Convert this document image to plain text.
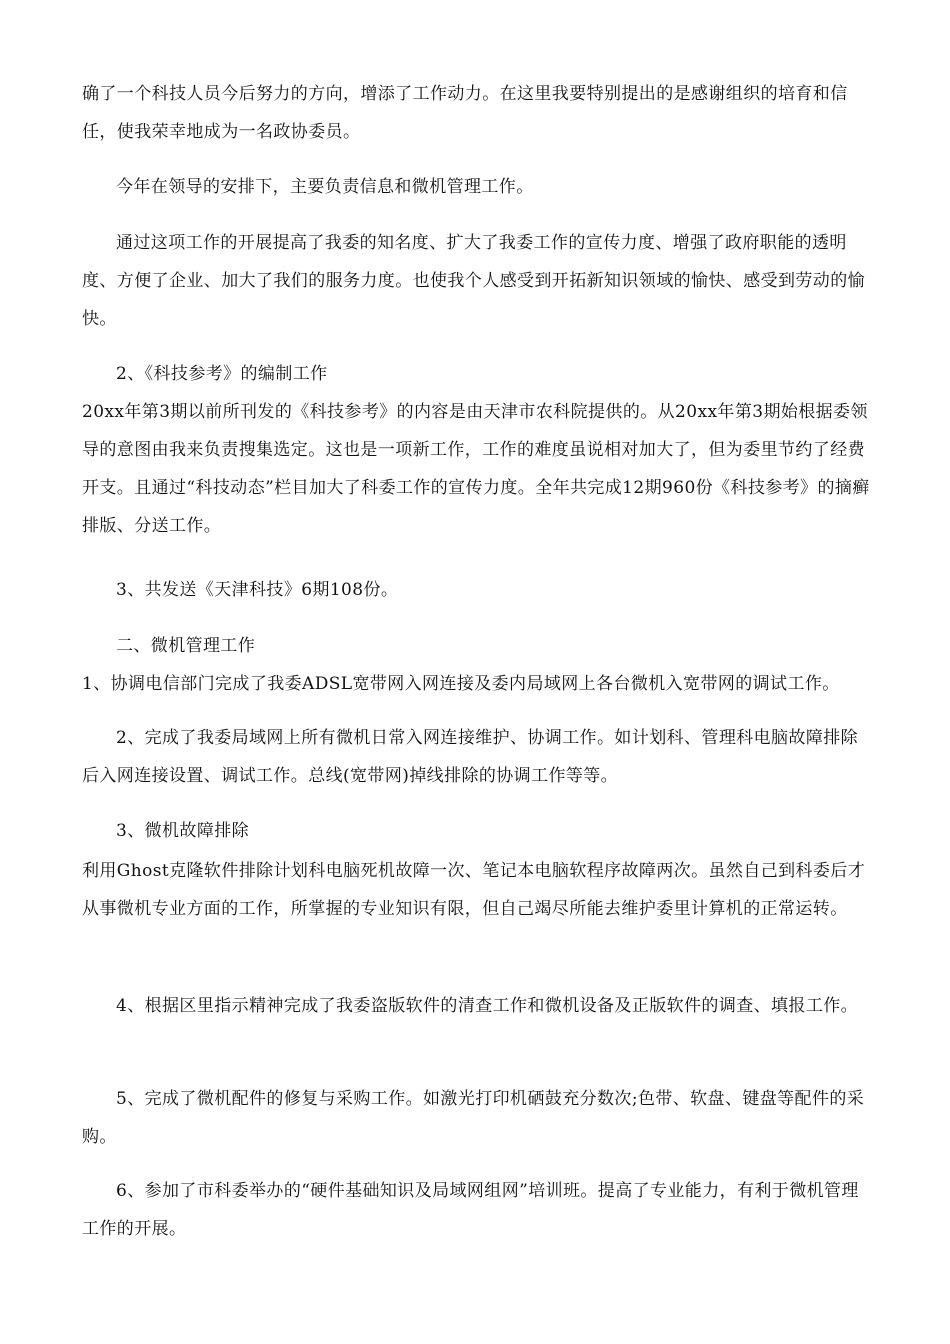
确了一个科技人员今后努力的方向，增添了工作动力。在这里我要特别提出的是感谢组织的培育和信任，使我荣幸地成为一名政协委员。

今年在领导的安排下，主要负责信息和微机管理工作。

通过这项工作的开展提高了我委的知名度、扩大了我委工作的宣传力度、增强了政府职能的透明度、方便了企业、加大了我们的服务力度。也使我个人感受到开拓新知识领域的愉快、感受到劳动的愉快。

2、《科技参考》的编制工作

20xx年第3期以前所刊发的《科技参考》的内容是由天津市农科院提供的。从20xx年第3期始根据委领导的意图由我来负责搜集选定。这也是一项新工作，工作的难度虽说相对加大了，但为委里节约了经费开支。且通过“科技动态”栏目加大了科委工作的宣传力度。全年共完成12期960份《科技参考》的摘癣排版、分送工作。

3、共发送《天津科技》6期108份。

二、微机管理工作

1、协调电信部门完成了我委ADSL宽带网入网连接及委内局域网上各台微机入宽带网的调试工作。

2、完成了我委局域网上所有微机日常入网连接维护、协调工作。如计划科、管理科电脑故障排除后入网连接设置、调试工作。总线(宽带网)掉线排除的协调工作等等。

3、微机故障排除

利用Ghost克隆软件排除计划科电脑死机故障一次、笔记本电脑软程序故障两次。虽然自己到科委后才从事微机专业方面的工作，所掌握的专业知识有限，但自己竭尽所能去维护委里计算机的正常运转。

4、根据区里指示精神完成了我委盗版软件的清查工作和微机设备及正版软件的调查、填报工作。

5、完成了微机配件的修复与采购工作。如激光打印机硒鼓充分数次;色带、软盘、键盘等配件的采购。

6、参加了市科委举办的“硬件基础知识及局域网组网”培训班。提高了专业能力，有利于微机管理工作的开展。
